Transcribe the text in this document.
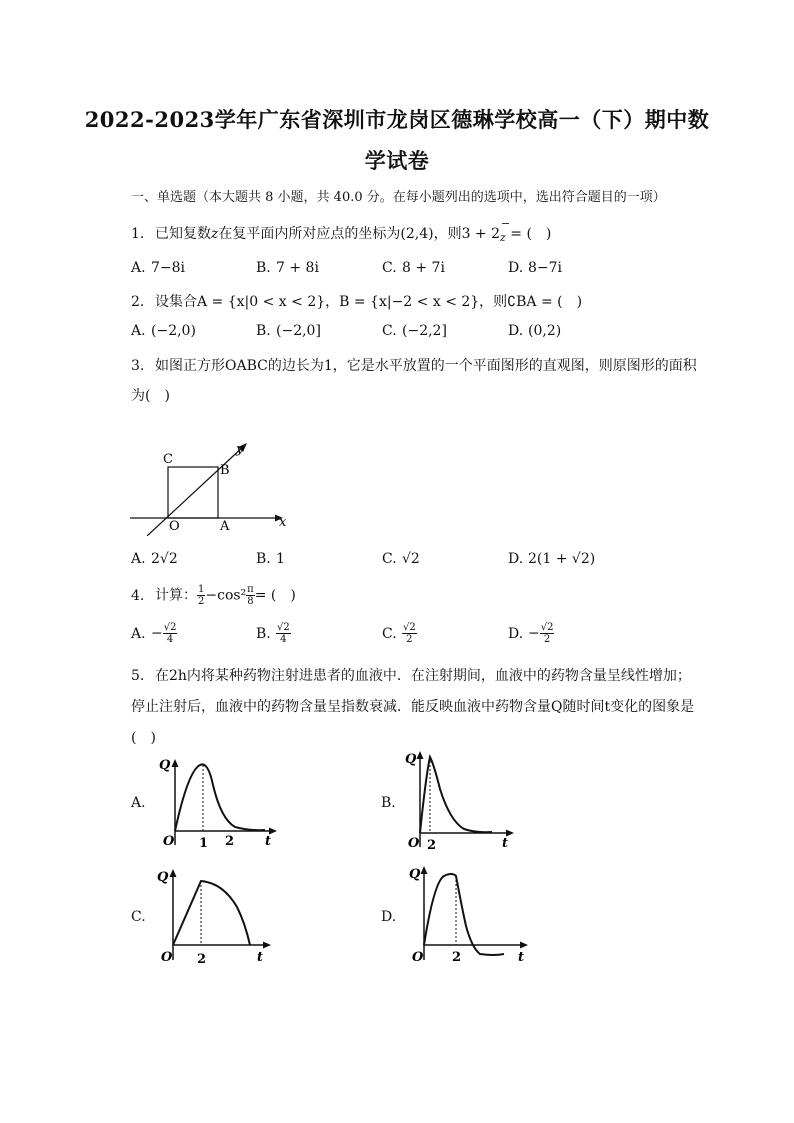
2022-2023学年广东省深圳市龙岗区德琳学校高一（下）期中数
学试卷
一、单选题（本大题共 8 小题，共 40.0 分。在每小题列出的选项中，选出符合题目的一项）
1. 已知复数z在复平面内所对应点的坐标为(2,4)，则3 + 2
−
$_z$ = (　)
A. 7−8i	B. 7 + 8i	C. 8 + 7i	D. 8−7i
2. 设集合A = {x|0 < x < 2}，B = {x|−2 < x < 2}，则∁BA = (　)
A. (−2,0)	B. (−2,0]	C. (−2,2]	D. (0,2)
3. 如图正方形OABC的边长为1，它是水平放置的一个平面图形的直观图，则原图形的面积
为(　)
C
B
O	A	x
y
A. 2√2	B. 1	C. √2	D. 2(1 + √2)
4. 计算： $\frac{1}{2} -\cos^2 \frac{\pi}{8}$ = (　)
A. − $\frac{√2}{4}$	B. $\frac{√2}{4}$	C. $\frac{√2}{2}$	D. − $\frac{√2}{2}$
5. 在2h内将某种药物注射进患者的血液中．在注射期间，血液中的药物含量呈线性增加；
停止注射后，血液中的药物含量呈指数衰减．能反映血液中药物含量Q随时间t变化的图象是
(　)
A.
Q
O 1 2 t
B.
Q
O 2	t
C.
Q
O 2	t
D.
Q
O 2	t
